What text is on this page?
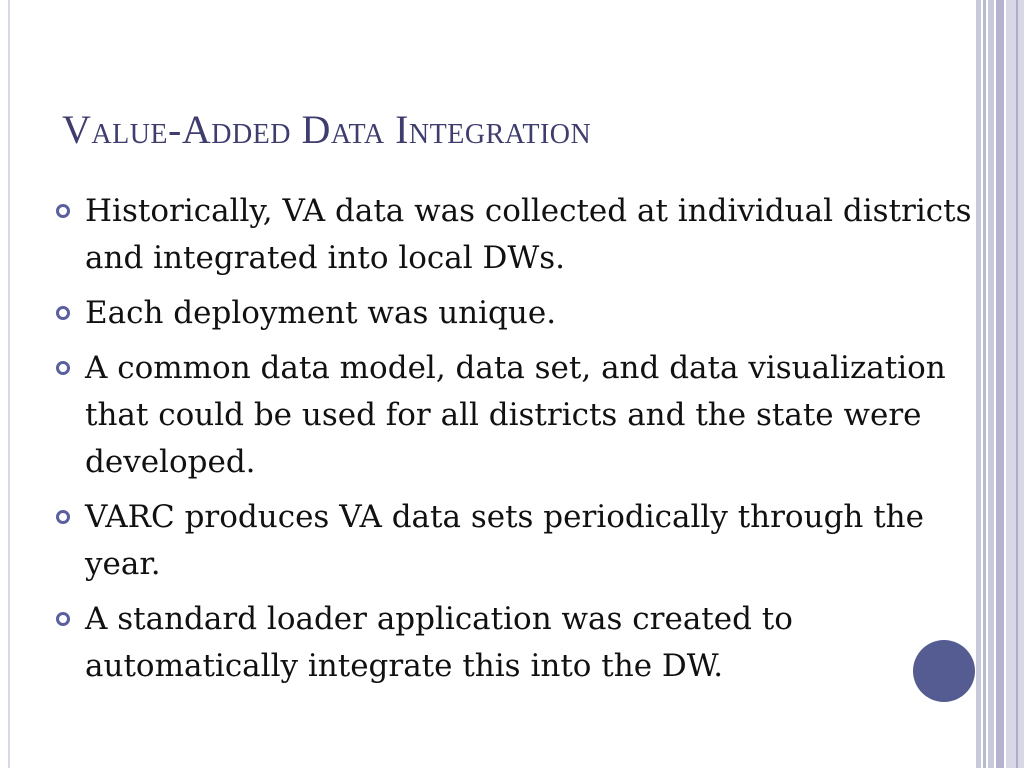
Value-Added Data Integration
Historically, VA data was collected at individual districts and integrated into local DWs.
Each deployment was unique.
A common data model, data set, and data visualization that could be used for all districts and the state were developed.
VARC produces VA data sets periodically through the year.
A standard loader application was created to automatically integrate this into the DW.
